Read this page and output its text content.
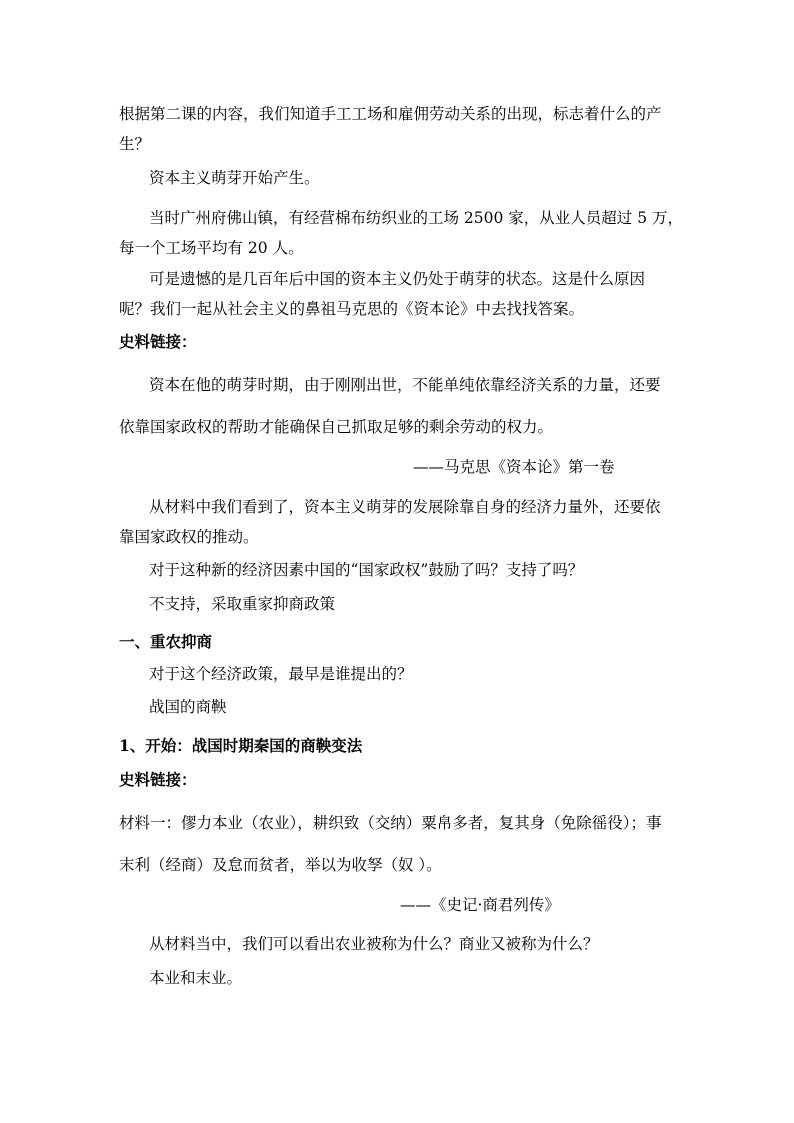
根据第二课的内容，我们知道手工工场和雇佣劳动关系的出现，标志着什么的产
生？
资本主义萌芽开始产生。
当时广州府佛山镇，有经营棉布纺织业的工场 2500 家，从业人员超过 5 万，
每一个工场平均有 20 人。
可是遗憾的是几百年后中国的资本主义仍处于萌芽的状态。这是什么原因
呢？我们一起从社会主义的鼻祖马克思的《资本论》中去找找答案。
史料链接：
资本在他的萌芽时期，由于刚刚出世，不能单纯依靠经济关系的力量，还要
依靠国家政权的帮助才能确保自己抓取足够的剩余劳动的权力。
——马克思《资本论》第一卷
从材料中我们看到了，资本主义萌芽的发展除靠自身的经济力量外，还要依
靠国家政权的推动。
对于这种新的经济因素中国的“国家政权”鼓励了吗？支持了吗？
不支持，采取重家抑商政策
一、重农抑商
对于这个经济政策，最早是谁提出的？
战国的商鞅
1、开始：战国时期秦国的商鞅变法
史料链接：
材料一：僇力本业（农业），耕织致（交纳）粟帛多者，复其身（免除徭役）；事
末利（经商）及怠而贫者，举以为收孥（奴 ）。
——《史记·商君列传》
从材料当中，我们可以看出农业被称为什么？商业又被称为什么？
本业和末业。
